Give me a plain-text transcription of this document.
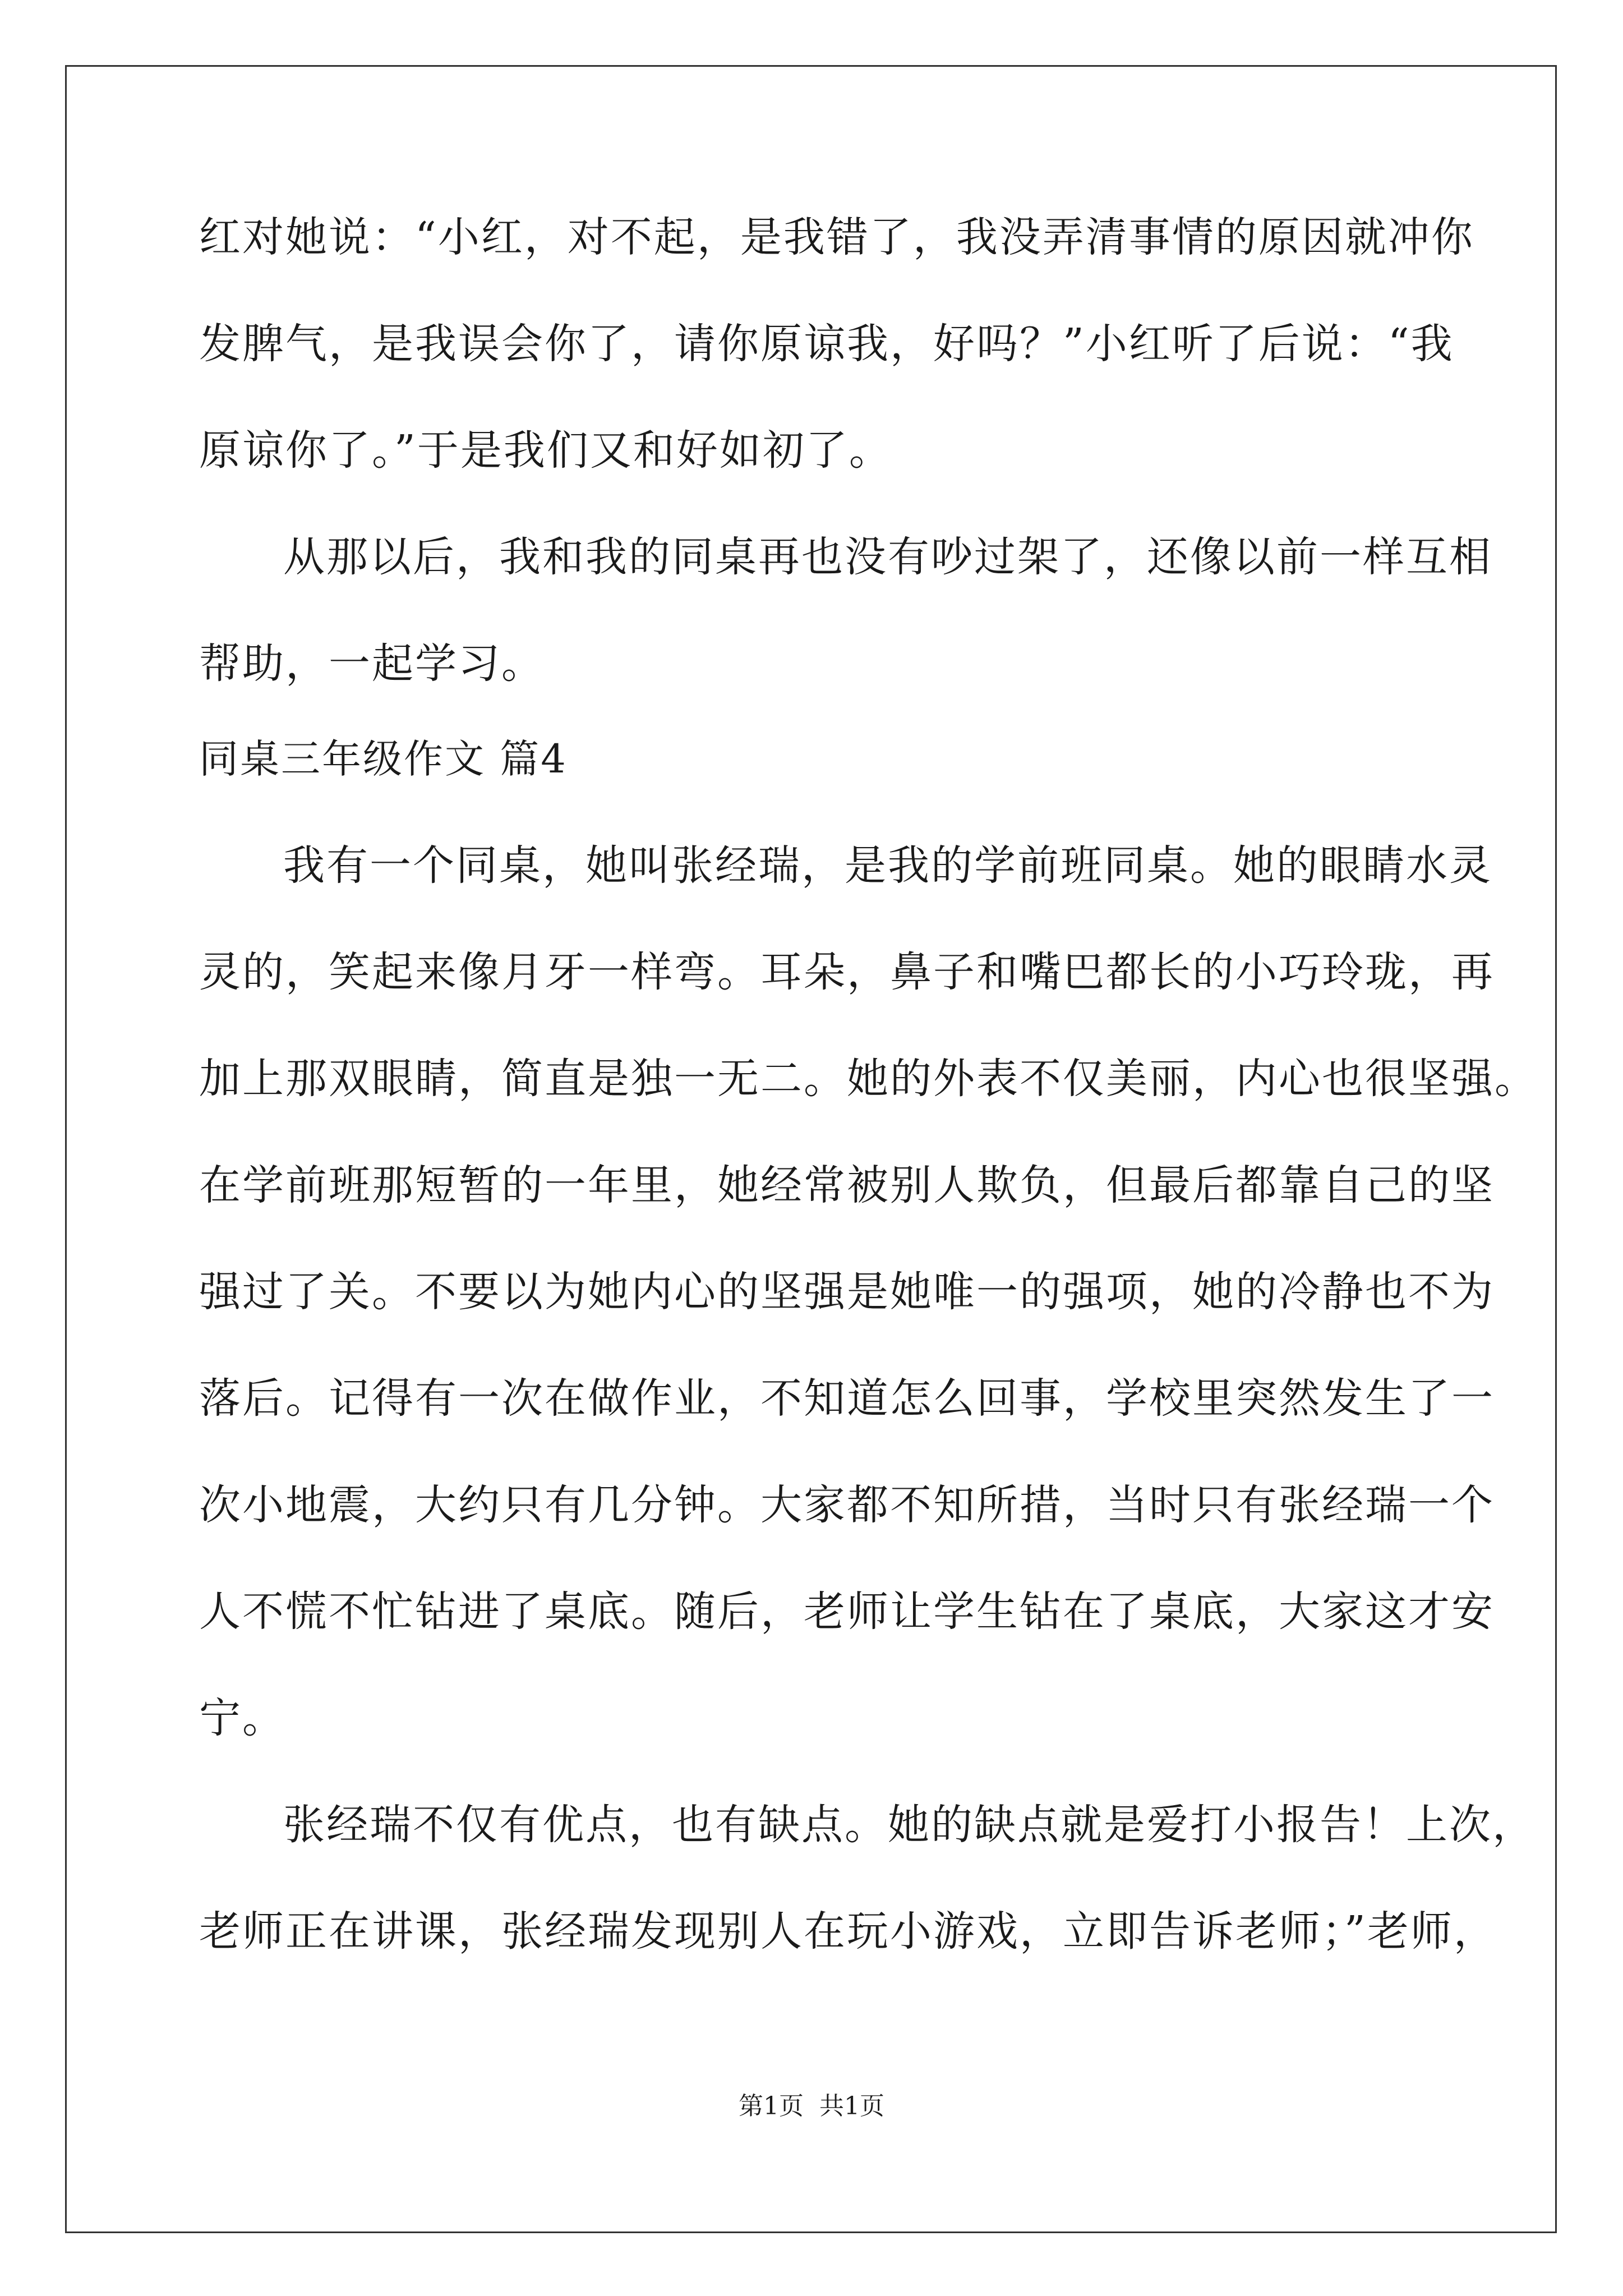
红对她说：“小红，对不起，是我错了，我没弄清事情的原因就冲你
发脾气，是我误会你了，请你原谅我，好吗？”小红听了后说：“我
原谅你了。”于是我们又和好如初了。
从那以后，我和我的同桌再也没有吵过架了，还像以前一样互相
帮助，一起学习。
同桌三年级作文 篇4
我有一个同桌，她叫张经瑞，是我的学前班同桌。她的眼睛水灵
灵的，笑起来像月牙一样弯。耳朵，鼻子和嘴巴都长的小巧玲珑，再
加上那双眼睛，简直是独一无二。她的外表不仅美丽，内心也很坚强。
在学前班那短暂的一年里，她经常被别人欺负，但最后都靠自己的坚
强过了关。不要以为她内心的坚强是她唯一的强项，她的冷静也不为
落后。记得有一次在做作业，不知道怎么回事，学校里突然发生了一
次小地震，大约只有几分钟。大家都不知所措，当时只有张经瑞一个
人不慌不忙钻进了桌底。随后，老师让学生钻在了桌底，大家这才安
宁。
张经瑞不仅有优点，也有缺点。她的缺点就是爱打小报告！上次，
老师正在讲课，张经瑞发现别人在玩小游戏，立即告诉老师；”老师，
第1页  共1页
